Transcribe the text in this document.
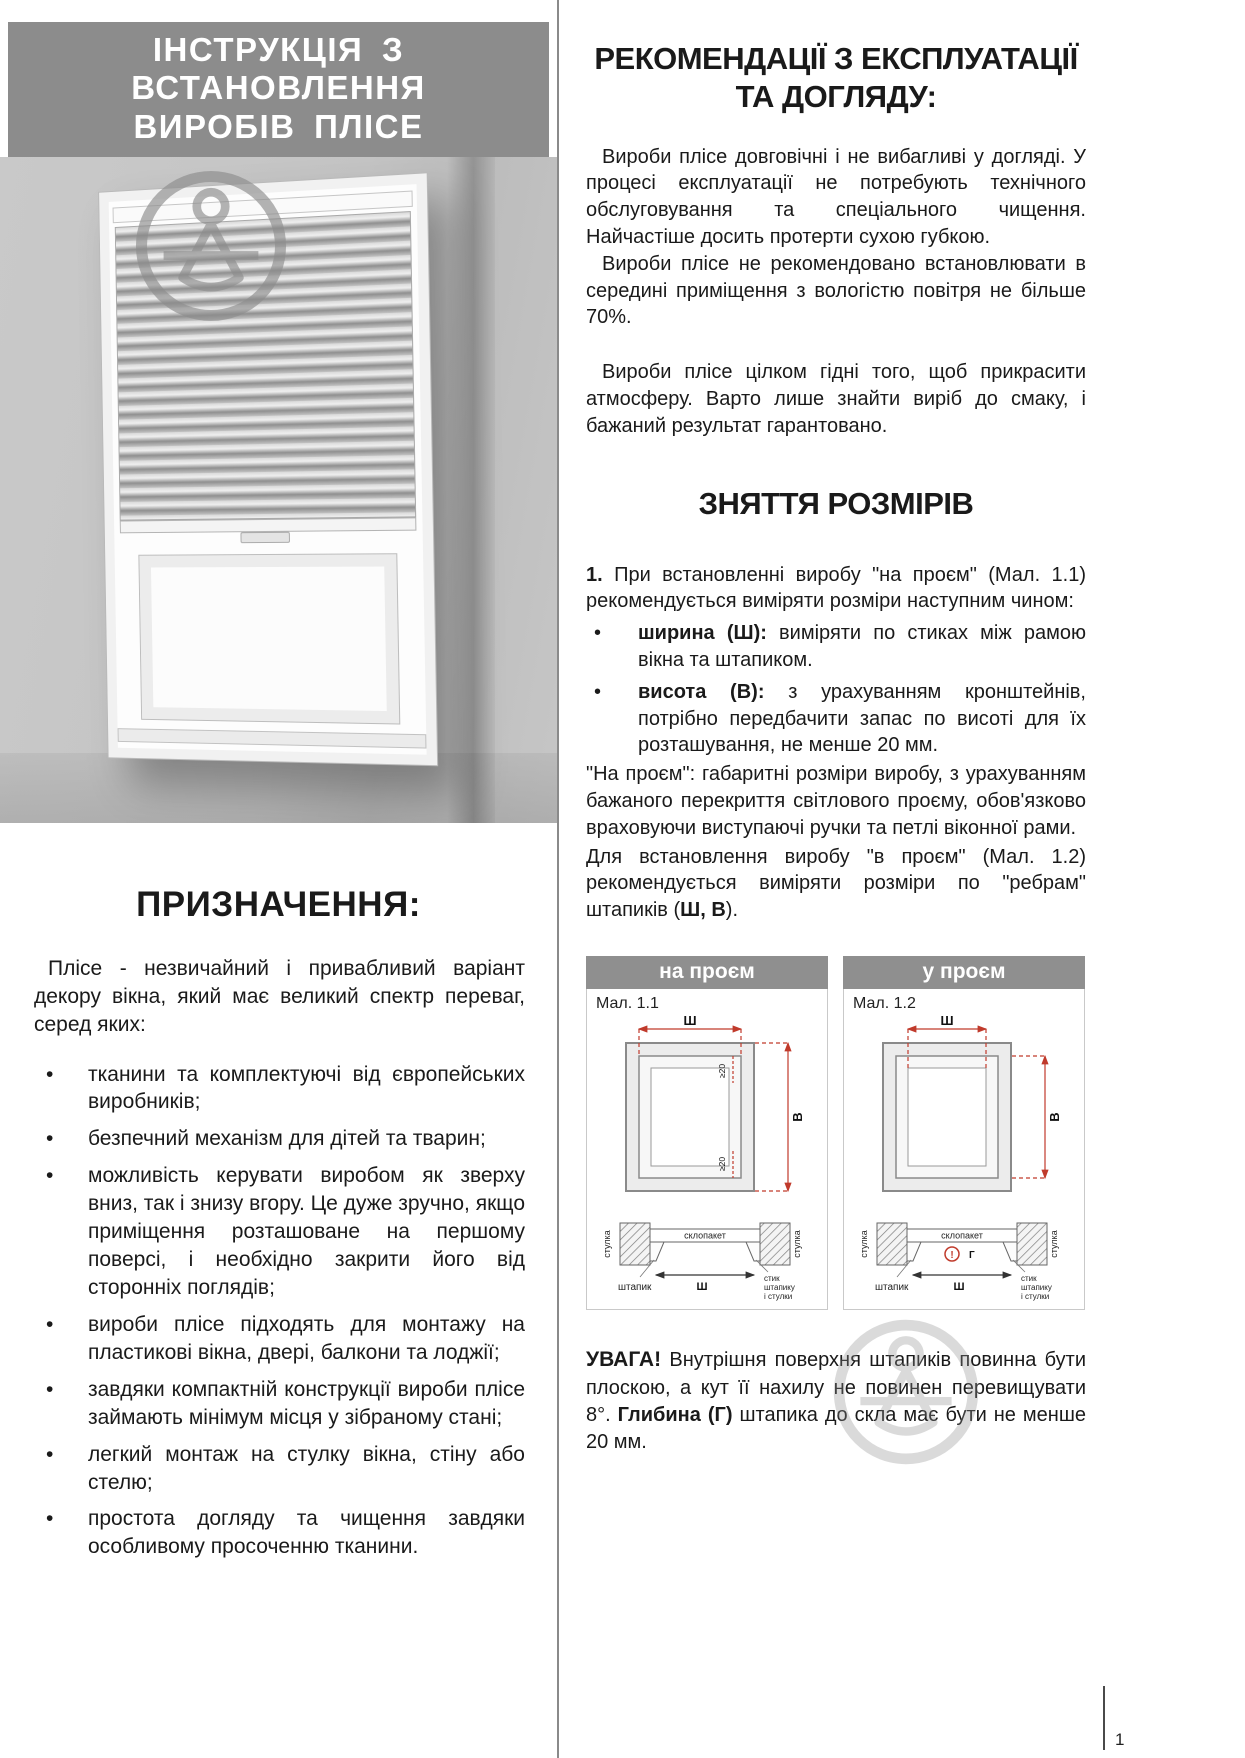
ІНСТРУКЦІЯ З ВСТАНОВЛЕННЯ
ВИРОБІВ ПЛІСЕ
ПРИЗНАЧЕННЯ:

Плісе - незвичайний і привабливий варіант декору вікна, який має великий спектр переваг, серед яких:

• тканини та комплектуючі від європейських виробників;
• безпечний механізм для дітей та тварин;
• можливість керувати виробом як зверху вниз, так і знизу вгору. Це дуже зручно, якщо приміщення розташоване на першому поверсі, і необхідно закрити його від сторонніх поглядів;
• вироби плісе підходять для монтажу на пластикові вікна, двері, балкони та лоджії;
• завдяки компактній конструкції вироби плісе займають мінімум місця у зібраному стані;
• легкий монтаж на стулку вікна, стіну або стелю;
• простота догляду та чищення завдяки особливому просоченню тканини.
РЕКОМЕНДАЦІЇ З ЕКСПЛУАТАЦІЇ
ТА ДОГЛЯДУ:

Вироби плісе довговічні і не вибагливі у догляді. У процесі експлуатації не потребують технічного обслуговування та спеціального чищення. Найчастіше досить протерти сухою губкою.

Вироби плісе не рекомендовано встановлювати в середині приміщення з вологістю повітря не більше 70%.

Вироби плісе цілком гідні того, щоб прикрасити атмосферу. Варто лише знайти виріб до смаку, і бажаний результат гарантовано.

ЗНЯТТЯ РОЗМІРІВ

1. При встановленні виробу "на проєм" (Мал. 1.1) рекомендується виміряти розміри наступним чином:

• ширина (Ш): виміряти по стиках між рамою вікна та штапиком.
• висота (В): з урахуванням кронштейнів, потрібно передбачити запас по висоті для їх розташування, не менше 20 мм.

"На проєм": габаритні розміри виробу, з урахуванням бажаного перекриття світлового проєму, обов'язково враховуючи виступаючі ручки та петлі віконної рами.

Для встановлення виробу "в проєм" (Мал. 1.2) рекомендується виміряти розміри по "ребрам" штапиків (Ш, В).

на проєм
Мал. 1.1
Ш
В
≥20
≥20
стулка	стулка
склопакет
штапик	Ш
стик
штапику
і стулки
у проєм
Мал. 1.2
Ш
В
! Г
стулка	стулка
склопакет
штапик	Ш
стик
штапику
і стулки

УВАГА! Внутрішня поверхня штапиків повинна бути плоскою, а кут її нахилу не повинен перевищувати 8°. Глибина (Г) штапика до скла має бути не менше 20 мм.

1
